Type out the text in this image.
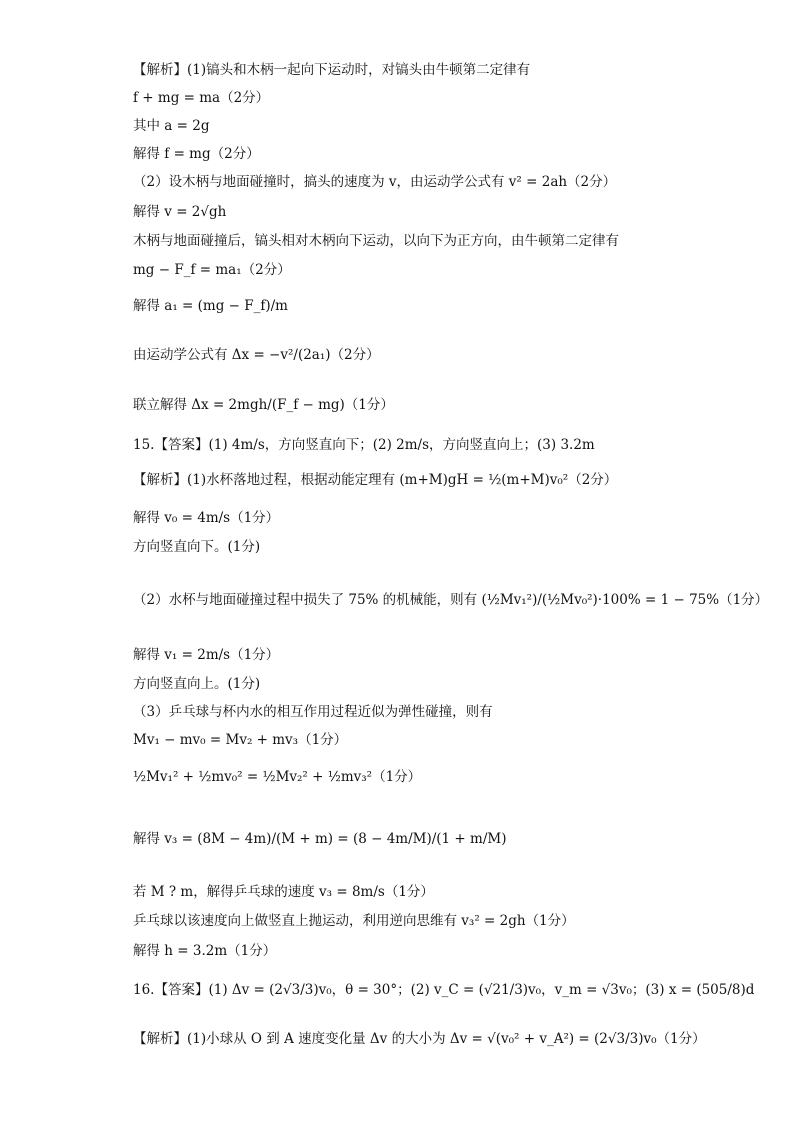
【解析】(1)镐头和木柄一起向下运动时，对镐头由牛顿第二定律有
f + mg = ma（2分）
其中 a = 2g
解得 f = mg（2分）
（2）设木柄与地面碰撞时，搞头的速度为 v，由运动学公式有 v² = 2ah（2分）
解得 v = 2√gh
木柄与地面碰撞后，镐头相对木柄向下运动，以向下为正方向，由牛顿第二定律有
mg − F_f = ma₁（2分）
解得 a₁ = (mg − F_f)/m
由运动学公式有 Δx = −v²/(2a₁)（2分）
联立解得 Δx = 2mgh/(F_f − mg)（1分）
15.【答案】(1) 4m/s，方向竖直向下；(2) 2m/s，方向竖直向上；(3) 3.2m
【解析】(1)水杯落地过程，根据动能定理有 (m+M)gH = ½(m+M)v₀²（2分）
解得 v₀ = 4m/s（1分）
方向竖直向下。(1分)
（2）水杯与地面碰撞过程中损失了 75% 的机械能，则有 (½Mv₁²)/(½Mv₀²)·100% = 1 − 75%（1分）
解得 v₁ = 2m/s（1分）
方向竖直向上。(1分)
（3）乒乓球与杯内水的相互作用过程近似为弹性碰撞，则有
Mv₁ − mv₀ = Mv₂ + mv₃（1分）
½Mv₁² + ½mv₀² = ½Mv₂² + ½mv₃²（1分）
解得 v₃ = (8M − 4m)/(M + m) = (8 − 4m/M)/(1 + m/M)
若 M ? m，解得乒乓球的速度 v₃ = 8m/s（1分）
乒乓球以该速度向上做竖直上抛运动，利用逆向思维有 v₃² = 2gh（1分）
解得 h = 3.2m（1分）
16.【答案】(1) Δv = (2√3/3)v₀，θ = 30°；(2) v_C = (√21/3)v₀，v_m = √3v₀；(3) x = (505/8)d
【解析】(1)小球从 O 到 A 速度变化量 Δv 的大小为 Δv = √(v₀² + v_A²) = (2√3/3)v₀（1分）
